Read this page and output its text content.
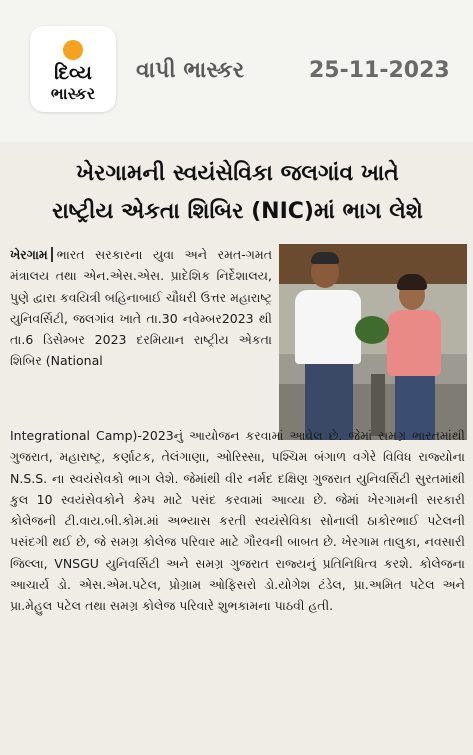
દિવ્ય
ભાસ્કર
વાપી ભાસ્કર	25-11-2023
ખેરગામની સ્વયંસેવિકા જલગાંવ ખાતે
રાષ્ટ્રીય એકતા શિબિર (NIC)માં ભાગ લેશે
ખેરગામ ભારત સરકારના યુવા અને રમત-ગમત મંત્રાલય તથા એન.એસ.એસ. પ્રાદેશિક નિર્દેશાલય, પુણે દ્વારા કવયિત્રી બહિનાબાઈ ચૌધરી ઉત્તર મહારાષ્ટ્ર યુનિવર્સિટી, જલગાંવ ખાતે તા.30 નવેમ્બર2023 થી તા.6 ડિસેમ્બર 2023 દરમિયાન રાષ્ટ્રીય એકતા શિબિર (National
Integrational Camp)-2023નું આયોજન કરવામાં આવેલ છે. જેમાં સમગ્ર ભારતમાંથી ગુજરાત, મહારાષ્ટ્ર, કર્ણાટક, તેલંગાણા, ઓરિસ્સા, પશ્ચિમ બંગાળ વગેરે વિવિધ રાજ્યોના N.S.S. ના સ્વયંસેવકો ભાગ લેશે. જેમાંથી વીર નર્મદ દક્ષિણ ગુજરાત યુનિવર્સિટી સુરતમાંથી કુલ 10 સ્વયંસેવકોને કેમ્પ માટે પસંદ કરવામાં આવ્યા છે. જેમાં ખેરગામની સરકારી કોલેજની ટી.વાય.બી.કોમ.માં અભ્યાસ કરતી સ્વયંસેવિકા સોનાલી ઠાકોરભાઈ પટેલની પસંદગી થઈ છે, જે સમગ્ર કોલેજ પરિવાર માટે ગૌરવની બાબત છે. ખેરગામ તાલુકા, નવસારી જિલ્લા, VNSGU યુનિવર્સિટી અને સમગ્ર ગુજરાત રાજ્યનું પ્રતિનિધિત્વ કરશે. કોલેજના આચાર્ય ડો. એસ.એમ.પટેલ, પ્રોગ્રામ ઓફિસરો ડો.યોગેશ ટંડેલ, પ્રા.અમિત પટેલ અને પ્રા.મેહુલ પટેલ તથા સમગ્ર કોલેજ પરિવારે શુભકામના પાઠવી હતી.
